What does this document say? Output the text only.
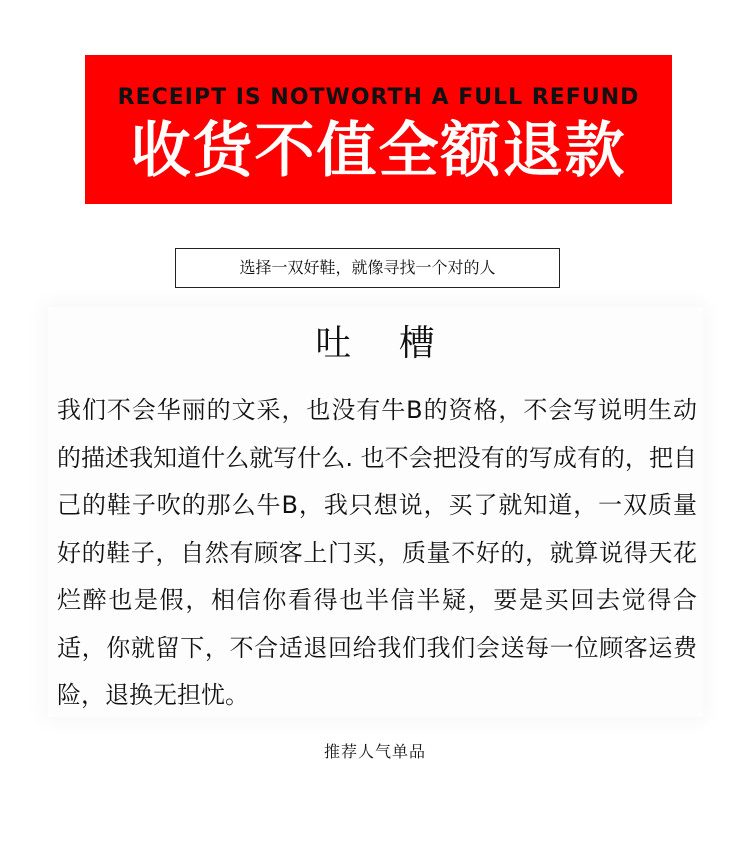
RECEIPT IS NOTWORTH A FULL REFUND
收货不值全额退款
选择一双好鞋，就像寻找一个对的人
吐 槽
我们不会华丽的文采，也没有牛B的资格，不会写说明生动的描述我知道什么就写什么. 也不会把没有的写成有的，把自己的鞋子吹的那么牛B，我只想说，买了就知道，一双质量好的鞋子，自然有顾客上门买，质量不好的，就算说得天花烂醉也是假，相信你看得也半信半疑，要是买回去觉得合适，你就留下，不合适退回给我们我们会送每一位顾客运费险，退换无担忧。
推荐人气单品
